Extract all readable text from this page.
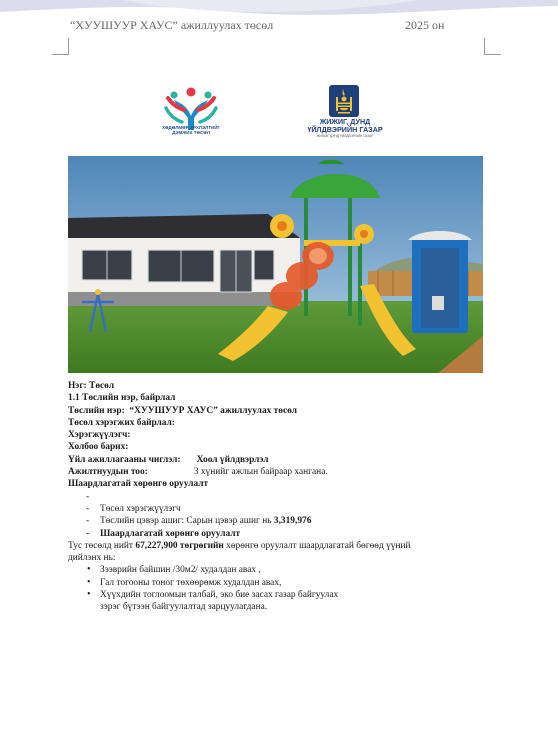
“ХУУШУУР ХАУС” ажиллуулах төсөл	2025 он
ХӨДӨЛМӨР ЭРХЛЭЛТИЙГ
ДЭМЖИХ ТӨСӨЛ
ЖИЖИГ, ДУНД
ҮЙЛДВЭРИЙН ГАЗАР
ЖИЖИГ ДУНД ҮЙЛДВЭРИЙН ГАЗАР
Нэг: Төсөл
1.1 Төслийн нэр, байрлал
Төслийн нэр: “ХУУШУУР ХАУС” ажиллуулах төсөл
Төсөл хэрэгжих байрлал:
Хэрэгжүүлэгч:
Холбоо барих:
Үйл ажиллагааны чиглэл: Хоол үйлдвэрлэл
Ажилтнуудын тоо:	3 хүнийг ажлын байраар хангана.
Шаардлагатай хөрөнгө оруулалт
-
- Төсөл хэрэгжүүлэгч
- Төслийн цэвэр ашиг: Сарын цэвэр ашиг нь 3,319,976
- Шаардлагатай хөрөнгө оруулалт
Тус төсөлд нийт 67,227,900 төгрөгийн хөрөнгө оруулалт шаардлагатай бөгөөд үүний
дийлэнх нь:
• Зээврийн байшин /30м2/ худалдан авах ,
• Гал тогооны тоног төхөөрөмж худалдан авах,
• Хүүхдийн тоглоомын талбай, эко бие засах газар байгуулах
зэрэг бүтээн байгуулалтад зарцуулагдана.
